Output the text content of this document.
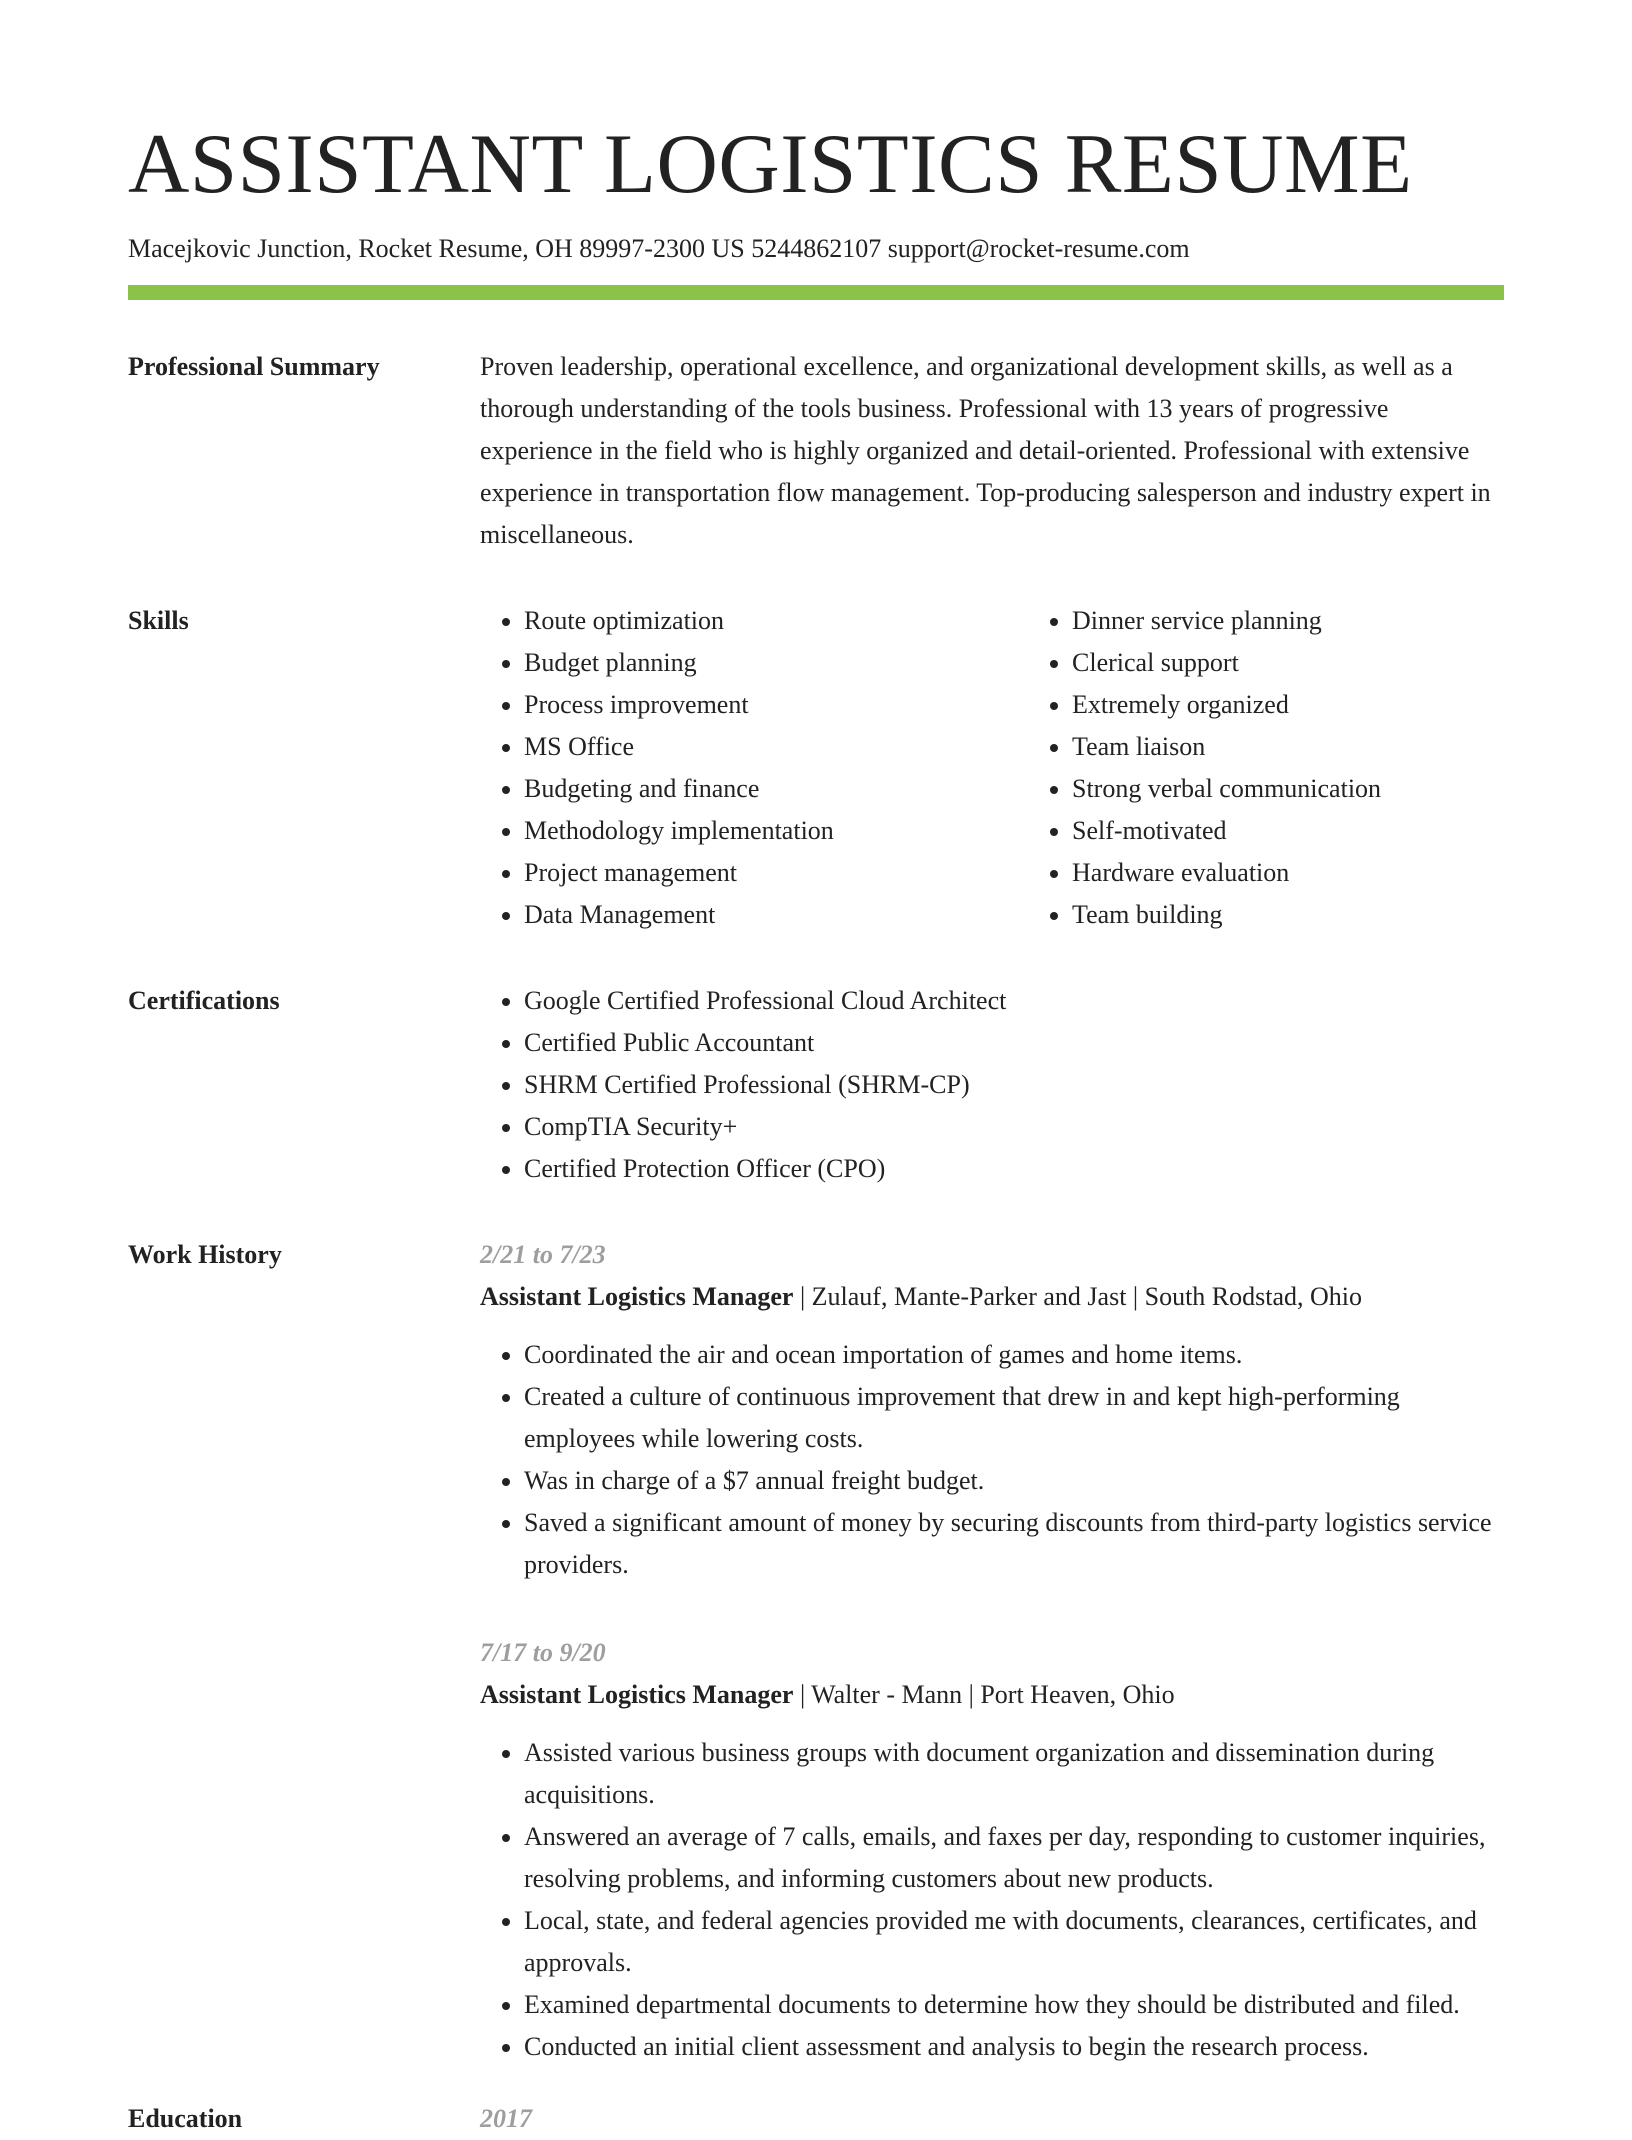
ASSISTANT LOGISTICS RESUME
Macejkovic Junction, Rocket Resume, OH 89997-2300 US 5244862107 support@rocket-resume.com
Professional Summary	Proven leadership, operational excellence, and organizational development skills, as well as a thorough understanding of the tools business. Professional with 13 years of progressive experience in the field who is highly organized and detail-oriented. Professional with extensive experience in transportation flow management. Top-producing salesperson and industry expert in miscellaneous.

Skills	• Route optimization
• Budget planning
• Process improvement
• MS Office
• Budgeting and finance
• Methodology implementation
• Project management
• Data Management
• Dinner service planning
• Clerical support
• Extremely organized
• Team liaison
• Strong verbal communication
• Self-motivated
• Hardware evaluation
• Team building
Certifications	• Google Certified Professional Cloud Architect
• Certified Public Accountant
• SHRM Certified Professional (SHRM-CP)
• CompTIA Security+
• Certified Protection Officer (CPO)
Work History	2/21 to 7/23
Assistant Logistics Manager | Zulauf, Mante-Parker and Jast | South Rodstad, Ohio
• Coordinated the air and ocean importation of games and home items.
• Created a culture of continuous improvement that drew in and kept high-performing employees while lowering costs.
• Was in charge of a $7 annual freight budget.
• Saved a significant amount of money by securing discounts from third-party logistics service providers.
7/17 to 9/20
Assistant Logistics Manager | Walter - Mann | Port Heaven, Ohio
• Assisted various business groups with document organization and dissemination during acquisitions.
• Answered an average of 7 calls, emails, and faxes per day, responding to customer inquiries, resolving problems, and informing customers about new products.
• Local, state, and federal agencies provided me with documents, clearances, certificates, and approvals.
• Examined departmental documents to determine how they should be distributed and filed.
• Conducted an initial client assessment and analysis to begin the research process.
Education	2017
